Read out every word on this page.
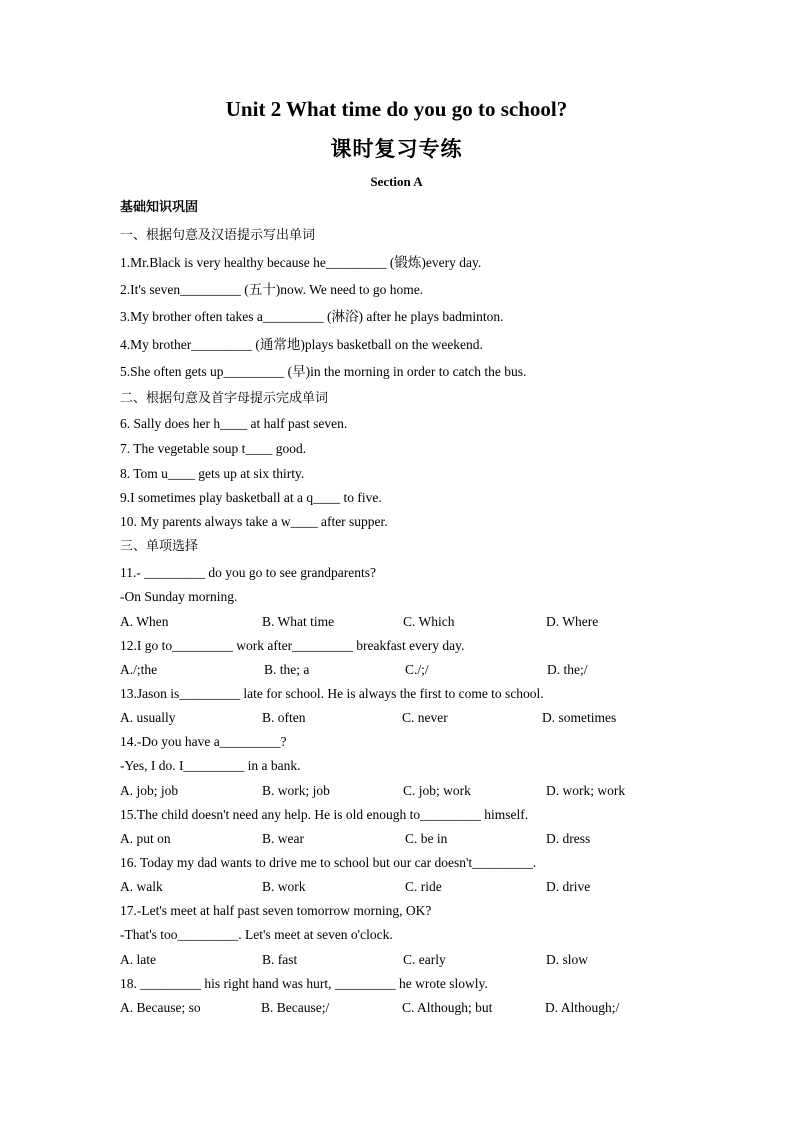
Unit 2 What time do you go to school?
课时复习专练
Section A
基础知识巩固
一、根据句意及汉语提示写出单词
1.Mr.Black is very healthy because he_________ (锻炼)every day.
2.It's seven_________ (五十)now. We need to go home.
3.My brother often takes a_________ (淋浴) after he plays badminton.
4.My brother_________ (通常地)plays basketball on the weekend.
5.She often gets up_________ (早)in the morning in order to catch the bus.
二、根据句意及首字母提示完成单词
6. Sally does her h____ at half past seven.
7. The vegetable soup t____ good.
8. Tom u____ gets up at six thirty.
9.I sometimes play basketball at a q____ to five.
10. My parents always take a w____ after supper.
三、单项选择
11.- _________ do you go to see grandparents?
-On Sunday morning.
A. When	B. What time	C. Which	D. Where
12.I go to_________ work after_________ breakfast every day.
A./;the	B. the; a	C./;/	D. the;/
13.Jason is_________ late for school. He is always the first to come to school.
A. usually	B. often	C. never	D. sometimes
14.-Do you have a_________?
-Yes, I do. I_________ in a bank.
A. job; job	B. work; job	C. job; work	D. work; work
15.The child doesn't need any help. He is old enough to_________ himself.
A. put on	B. wear	C. be in	D. dress
16. Today my dad wants to drive me to school but our car doesn't_________.
A. walk	B. work	C. ride	D. drive
17.-Let's meet at half past seven tomorrow morning, OK?
-That's too_________. Let's meet at seven o'clock.
A. late	B. fast	C. early	D. slow
18. _________ his right hand was hurt, _________ he wrote slowly.
A. Because; so	B. Because;/	C. Although; but	D. Although;/
